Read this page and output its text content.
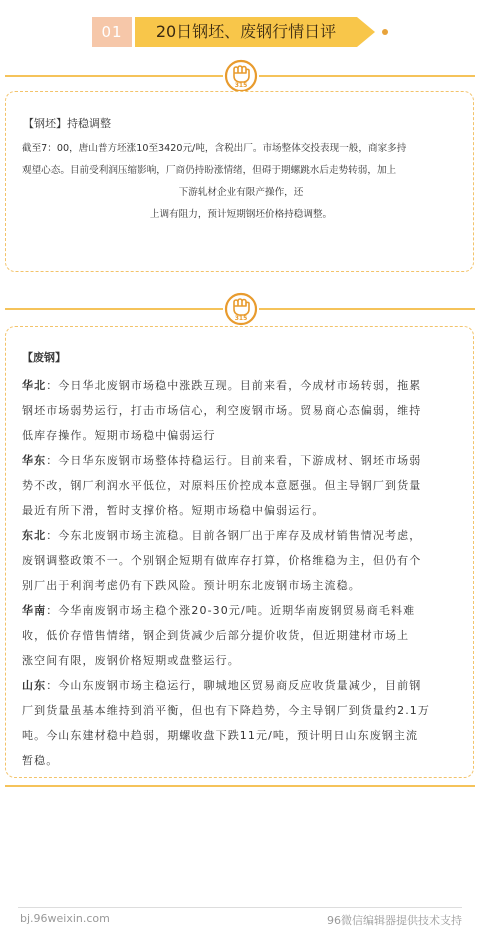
01	20日钢坯、废钢行情日评
315
【钢坯】持稳调整
截至7：00，唐山普方坯涨10至3420元/吨，含税出厂。市场整体交投表现一般，商家多持
观望心态。目前受利润压缩影响，厂商仍持盼涨情绪，但碍于期螺跳水后走势转弱，加上
下游轧材企业有限产操作，还
上调有阻力，预计短期钢坯价格持稳调整。
315
【废钢】
华北：今日华北废钢市场稳中涨跌互现。目前来看，今成材市场转弱，拖累
钢坯市场弱势运行，打击市场信心，利空废钢市场。贸易商心态偏弱，维持
低库存操作。短期市场稳中偏弱运行
华东：今日华东废钢市场整体持稳运行。目前来看，下游成材、钢坯市场弱
势不改，钢厂利润水平低位，对原料压价控成本意愿强。但主导钢厂到货量
最近有所下滑，暂时支撑价格。短期市场稳中偏弱运行。
东北：今东北废钢市场主流稳。目前各钢厂出于库存及成材销售情况考虑，
废钢调整政策不一。个别钢企短期有做库存打算，价格维稳为主，但仍有个
别厂出于利润考虑仍有下跌风险。预计明东北废钢市场主流稳。
华南：今华南废钢市场主稳个涨20-30元/吨。近期华南废钢贸易商毛料难
收，低价存惜售情绪，钢企到货减少后部分提价收货，但近期建材市场上
涨空间有限，废钢价格短期或盘整运行。
山东：今山东废钢市场主稳运行，聊城地区贸易商反应收货量减少，目前钢
厂到货量虽基本维持到消平衡，但也有下降趋势，今主导钢厂到货量约2.1万
吨。今山东建材稳中趋弱，期螺收盘下跌11元/吨，预计明日山东废钢主流
暂稳。
bj.96weixin.com	96微信编辑器提供技术支持
